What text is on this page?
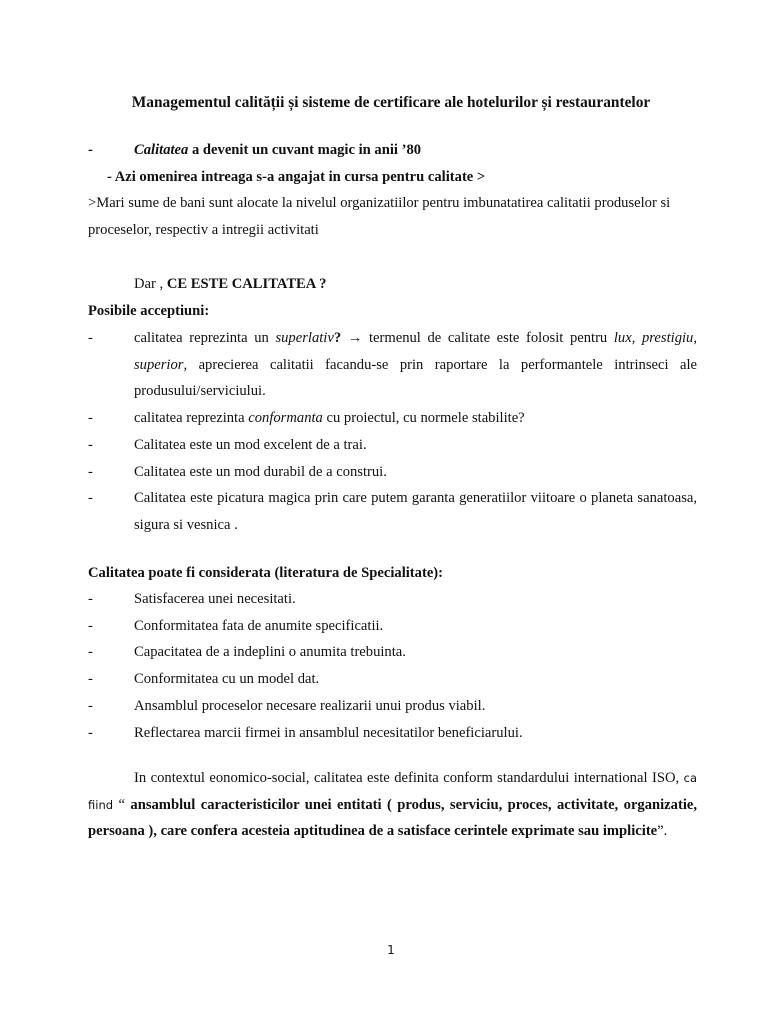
Managementul calității și sisteme de certificare ale hotelurilor și restaurantelor
-	Calitatea a devenit un cuvant magic in anii ’80

- Azi omenirea intreaga s-a angajat in cursa pentru calitate >

>Mari sume de bani sunt alocate la nivelul organizatiilor pentru imbunatatirea calitatii produselor si proceselor, respectiv a intregii activitati

Dar , CE ESTE CALITATEA ?

Posibile acceptiuni:

-	calitatea reprezinta un superlativ? → termenul de calitate este folosit pentru lux, prestigiu, superior, aprecierea calitatii facandu-se prin raportare la performantele intrinseci ale produsului/serviciului.
-	calitatea reprezinta conformanta cu proiectul, cu normele stabilite?
-	Calitatea este un mod excelent de a trai.
-	Calitatea este un mod durabil de a construi.
-	Calitatea este picatura magica prin care putem garanta generatiilor viitoare o planeta sanatoasa, sigura si vesnica .

Calitatea poate fi considerata (literatura de Specialitate):

-	Satisfacerea unei necesitati.
-	Conformitatea fata de anumite specificatii.
-	Capacitatea de a indeplini o anumita trebuinta.
-	Conformitatea cu un model dat.
-	Ansamblul proceselor necesare realizarii unui produs viabil.
-	Reflectarea marcii firmei in ansamblul necesitatilor beneficiarului.

In contextul eonomico-social, calitatea este definita conform standardului international ISO, ca fiind “ ansamblul caracteristicilor unei entitati ( produs, serviciu, proces, activitate, organizatie, persoana ), care confera acesteia aptitudinea de a satisface cerintele exprimate sau implicite”.

1
